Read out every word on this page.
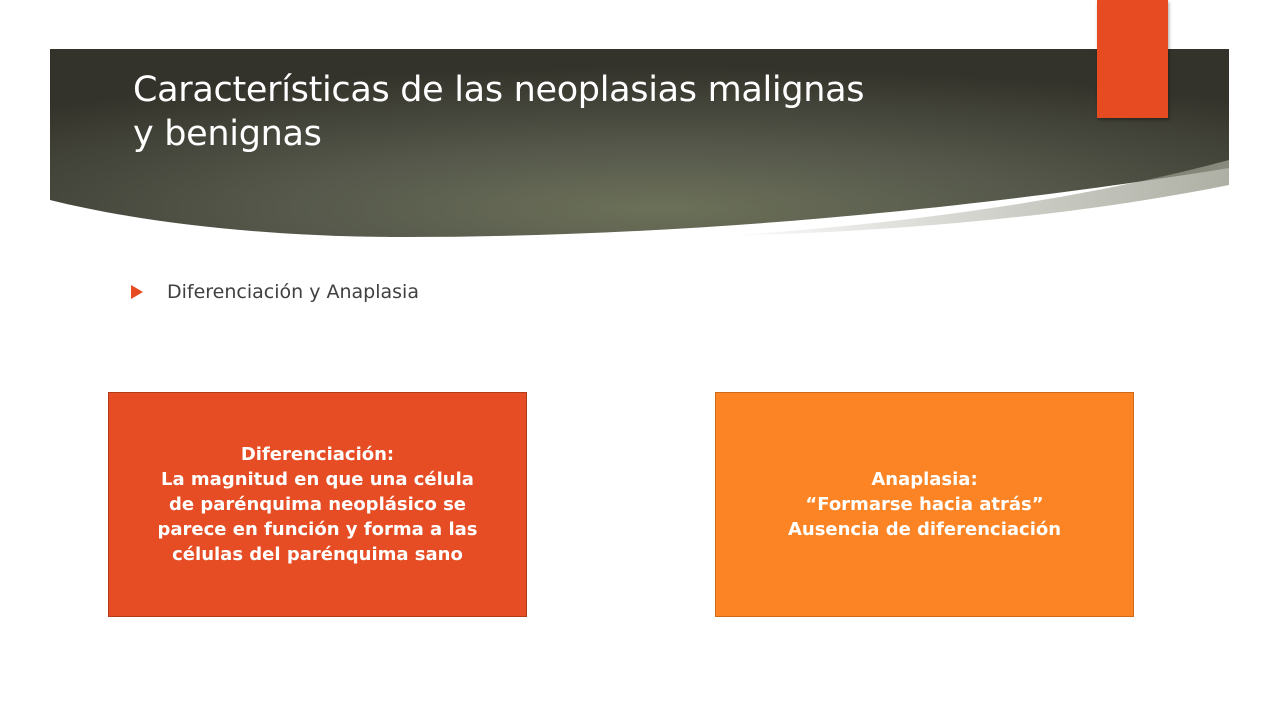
Características de las neoplasias malignas
y benignas
Diferenciación y Anaplasia
Diferenciación:
La magnitud en que una célula
de parénquima neoplásico se
parece en función y forma a las
células del parénquima sano
Anaplasia:
“Formarse hacia atrás”
Ausencia de diferenciación
